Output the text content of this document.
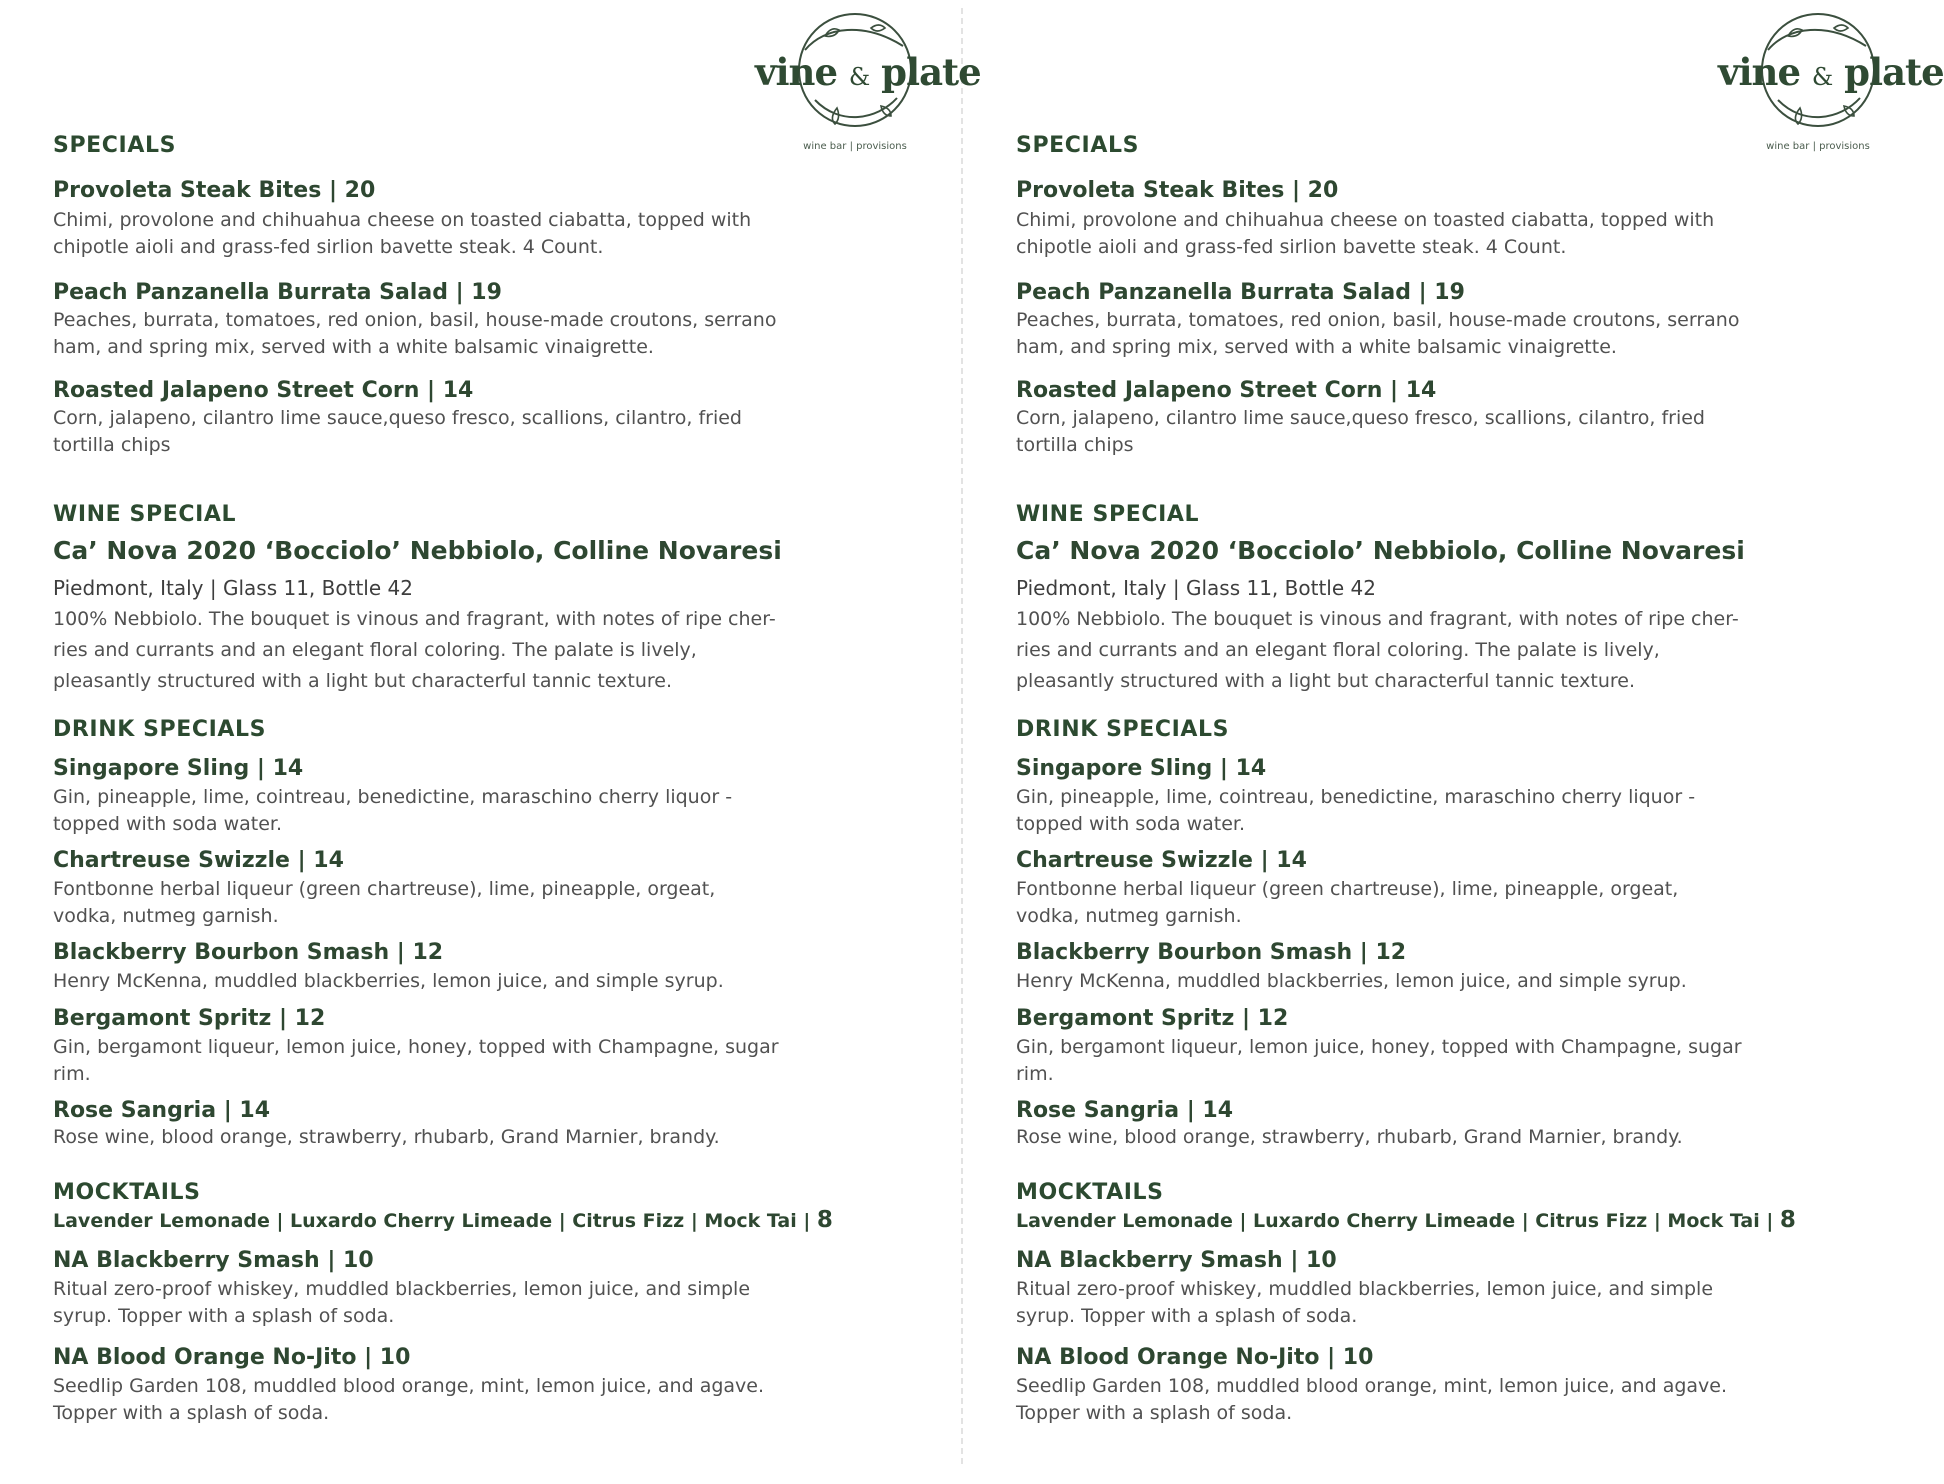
vine & plate
wine bar | provisions
SPECIALS
Provoleta Steak Bites | 20
Chimi, provolone and chihuahua cheese on toasted ciabatta, topped with
chipotle aioli and grass-fed sirlion bavette steak. 4 Count.
Peach Panzanella Burrata Salad | 19
Peaches, burrata, tomatoes, red onion, basil, house-made croutons, serrano
ham, and spring mix, served with a white balsamic vinaigrette.
Roasted Jalapeno Street Corn | 14
Corn, jalapeno, cilantro lime sauce,queso fresco, scallions, cilantro, fried
tortilla chips
WINE SPECIAL
Ca’ Nova 2020 ‘Bocciolo’ Nebbiolo, Colline Novaresi
Piedmont, Italy | Glass 11, Bottle 42
100% Nebbiolo. The bouquet is vinous and fragrant, with notes of ripe cher-
ries and currants and an elegant floral coloring. The palate is lively,
pleasantly structured with a light but characterful tannic texture.
DRINK SPECIALS
Singapore Sling | 14
Gin, pineapple, lime, cointreau, benedictine, maraschino cherry liquor -
topped with soda water.
Chartreuse Swizzle | 14
Fontbonne herbal liqueur (green chartreuse), lime, pineapple, orgeat,
vodka, nutmeg garnish.
Blackberry Bourbon Smash | 12
Henry McKenna, muddled blackberries, lemon juice, and simple syrup.
Bergamont Spritz | 12
Gin, bergamont liqueur, lemon juice, honey, topped with Champagne, sugar
rim.
Rose Sangria | 14
Rose wine, blood orange, strawberry, rhubarb, Grand Marnier, brandy.
MOCKTAILS
Lavender Lemonade | Luxardo Cherry Limeade | Citrus Fizz | Mock Tai | 8
NA Blackberry Smash | 10
Ritual zero-proof whiskey, muddled blackberries, lemon juice, and simple
syrup. Topper with a splash of soda.
NA Blood Orange No-Jito | 10
Seedlip Garden 108, muddled blood orange, mint, lemon juice, and agave.
Topper with a splash of soda.
vine & plate
wine bar | provisions
SPECIALS
Provoleta Steak Bites | 20
Chimi, provolone and chihuahua cheese on toasted ciabatta, topped with
chipotle aioli and grass-fed sirlion bavette steak. 4 Count.
Peach Panzanella Burrata Salad | 19
Peaches, burrata, tomatoes, red onion, basil, house-made croutons, serrano
ham, and spring mix, served with a white balsamic vinaigrette.
Roasted Jalapeno Street Corn | 14
Corn, jalapeno, cilantro lime sauce,queso fresco, scallions, cilantro, fried
tortilla chips
WINE SPECIAL
Ca’ Nova 2020 ‘Bocciolo’ Nebbiolo, Colline Novaresi
Piedmont, Italy | Glass 11, Bottle 42
100% Nebbiolo. The bouquet is vinous and fragrant, with notes of ripe cher-
ries and currants and an elegant floral coloring. The palate is lively,
pleasantly structured with a light but characterful tannic texture.
DRINK SPECIALS
Singapore Sling | 14
Gin, pineapple, lime, cointreau, benedictine, maraschino cherry liquor -
topped with soda water.
Chartreuse Swizzle | 14
Fontbonne herbal liqueur (green chartreuse), lime, pineapple, orgeat,
vodka, nutmeg garnish.
Blackberry Bourbon Smash | 12
Henry McKenna, muddled blackberries, lemon juice, and simple syrup.
Bergamont Spritz | 12
Gin, bergamont liqueur, lemon juice, honey, topped with Champagne, sugar
rim.
Rose Sangria | 14
Rose wine, blood orange, strawberry, rhubarb, Grand Marnier, brandy.
MOCKTAILS
Lavender Lemonade | Luxardo Cherry Limeade | Citrus Fizz | Mock Tai | 8
NA Blackberry Smash | 10
Ritual zero-proof whiskey, muddled blackberries, lemon juice, and simple
syrup. Topper with a splash of soda.
NA Blood Orange No-Jito | 10
Seedlip Garden 108, muddled blood orange, mint, lemon juice, and agave.
Topper with a splash of soda.
